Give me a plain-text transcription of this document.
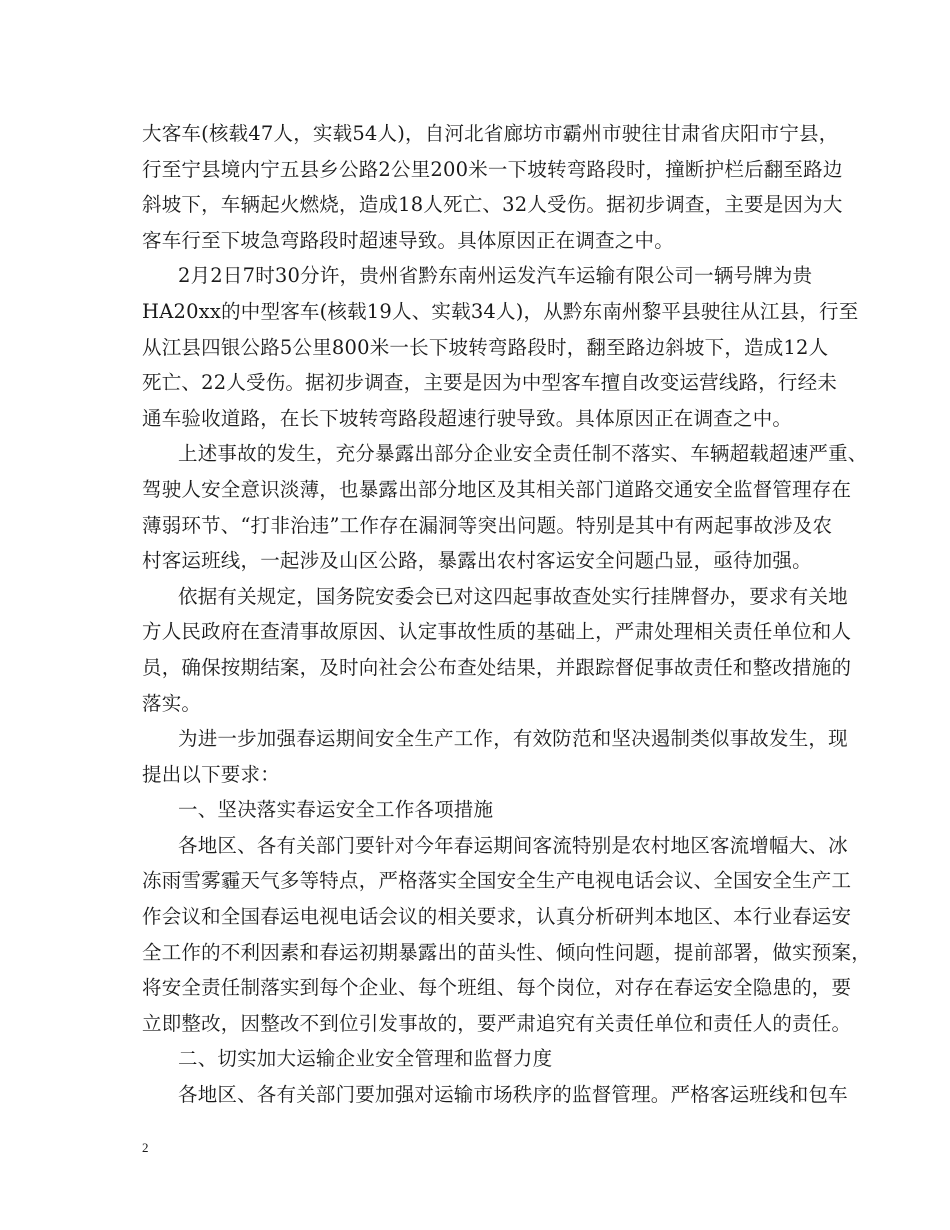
大客车(核载47人，实载54人)，自河北省廊坊市霸州市驶往甘肃省庆阳市宁县，
行至宁县境内宁五县乡公路2公里200米一下坡转弯路段时，撞断护栏后翻至路边
斜坡下，车辆起火燃烧，造成18人死亡、32人受伤。据初步调查，主要是因为大
客车行至下坡急弯路段时超速导致。具体原因正在调查之中。
2月2日7时30分许，贵州省黔东南州运发汽车运输有限公司一辆号牌为贵
HA20xx的中型客车(核载19人、实载34人)，从黔东南州黎平县驶往从江县，行至
从江县四银公路5公里800米一长下坡转弯路段时，翻至路边斜坡下，造成12人
死亡、22人受伤。据初步调查，主要是因为中型客车擅自改变运营线路，行经未
通车验收道路，在长下坡转弯路段超速行驶导致。具体原因正在调查之中。
上述事故的发生，充分暴露出部分企业安全责任制不落实、车辆超载超速严重、
驾驶人安全意识淡薄，也暴露出部分地区及其相关部门道路交通安全监督管理存在
薄弱环节、“打非治违”工作存在漏洞等突出问题。特别是其中有两起事故涉及农
村客运班线，一起涉及山区公路，暴露出农村客运安全问题凸显，亟待加强。
依据有关规定，国务院安委会已对这四起事故查处实行挂牌督办，要求有关地
方人民政府在查清事故原因、认定事故性质的基础上，严肃处理相关责任单位和人
员，确保按期结案，及时向社会公布查处结果，并跟踪督促事故责任和整改措施的
落实。
为进一步加强春运期间安全生产工作，有效防范和坚决遏制类似事故发生，现
提出以下要求：
一、坚决落实春运安全工作各项措施
各地区、各有关部门要针对今年春运期间客流特别是农村地区客流增幅大、冰
冻雨雪雾霾天气多等特点，严格落实全国安全生产电视电话会议、全国安全生产工
作会议和全国春运电视电话会议的相关要求，认真分析研判本地区、本行业春运安
全工作的不利因素和春运初期暴露出的苗头性、倾向性问题，提前部署，做实预案，
将安全责任制落实到每个企业、每个班组、每个岗位，对存在春运安全隐患的，要
立即整改，因整改不到位引发事故的，要严肃追究有关责任单位和责任人的责任。
二、切实加大运输企业安全管理和监督力度
各地区、各有关部门要加强对运输市场秩序的监督管理。严格客运班线和包车
2
